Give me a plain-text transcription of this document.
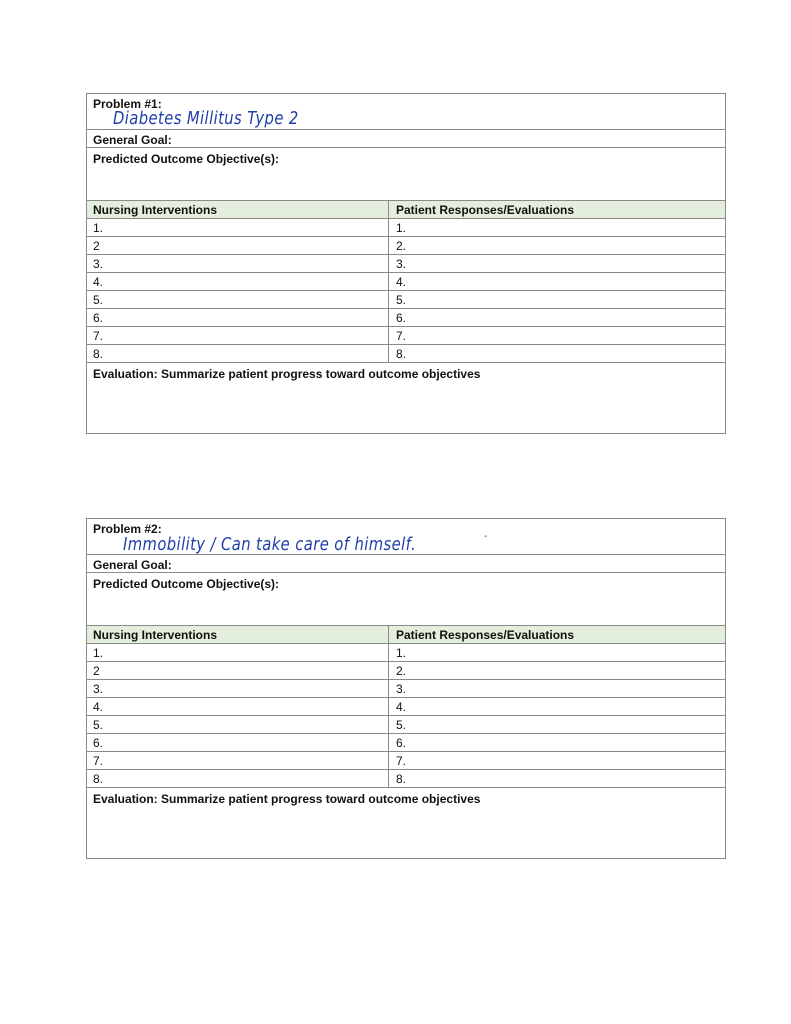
Problem #1:
Diabetes Millitus Type 2
General Goal:
Predicted Outcome Objective(s):
Nursing Interventions	Patient Responses/Evaluations
1.	1.
2	2.
3.	3.
4.	4.
5.	5.
6.	6.
7.	7.
8.	8.
Evaluation: Summarize patient progress toward outcome objectives
Problem #2:
Immobility / Can take care of himself.	-
General Goal:
Predicted Outcome Objective(s):
Nursing Interventions	Patient Responses/Evaluations
1.	1.
2	2.
3.	3.
4.	4.
5.	5.
6.	6.
7.	7.
8.	8.
Evaluation: Summarize patient progress toward outcome objectives
